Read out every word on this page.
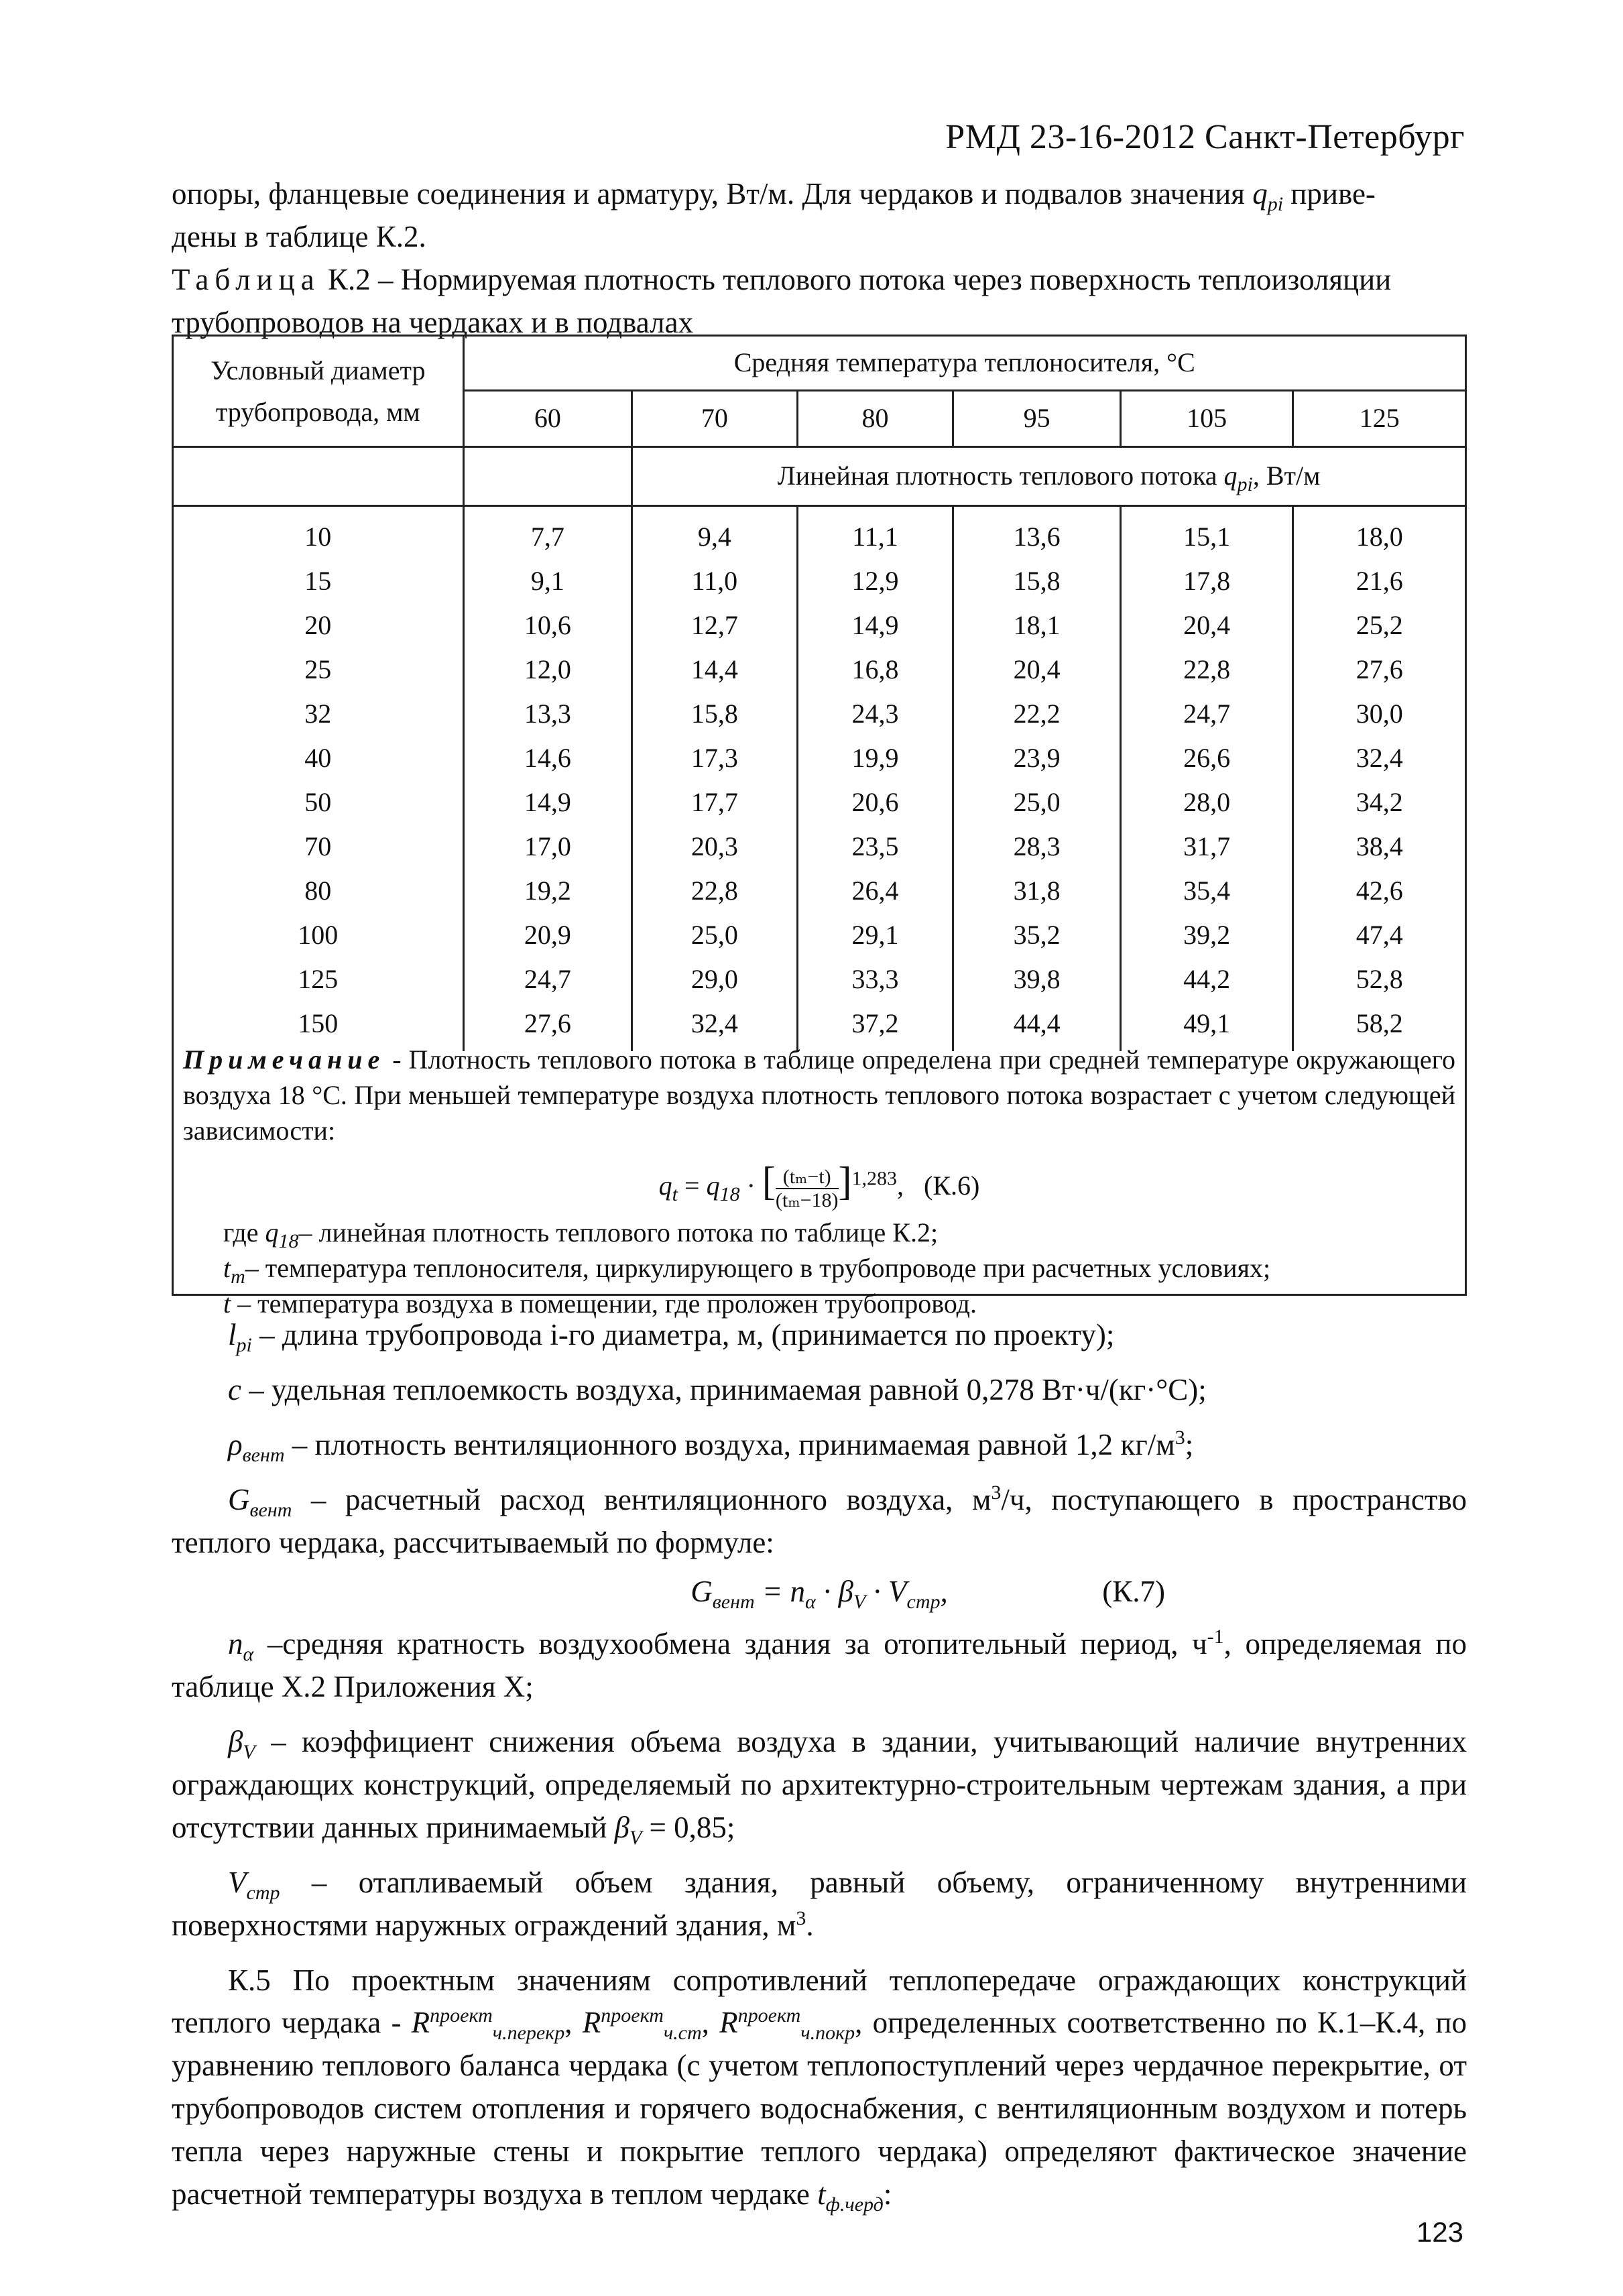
РМД 23-16-2012 Санкт-Петербург

опоры, фланцевые соединения и арматуру, Вт/м. Для чердаков и подвалов значения $q_{pi}$ приве-

дены в таблице К.2.

Таблица К.2 – Нормируемая плотность теплового потока через поверхность теплоизоляции трубопроводов на чердаках и в подвалах
Условный диаметр
трубопровода, мм	Средняя температура теплоносителя, °С					
	60	70	80	95	105	125
		Линейная плотность теплового потока $q_{pi}$, Вт/м				
10	7,7	9,4	11,1	13,6	15,1	18,0
15	9,1	11,0	12,9	15,8	17,8	21,6
20	10,6	12,7	14,9	18,1	20,4	25,2
25	12,0	14,4	16,8	20,4	22,8	27,6
32	13,3	15,8	24,3	22,2	24,7	30,0
40	14,6	17,3	19,9	23,9	26,6	32,4
50	14,9	17,7	20,6	25,0	28,0	34,2
70	17,0	20,3	23,5	28,3	31,7	38,4
80	19,2	22,8	26,4	31,8	35,4	42,6
100	20,9	25,0	29,1	35,2	39,2	47,4
125	24,7	29,0	33,3	39,8	44,2	52,8
150	27,6	32,4	37,2	44,4	49,1	58,2
Примечание - Плотность теплового потока в таблице определена при средней температуре окружающего воздуха 18 °С. При меньшей температуре воздуха плотность теплового потока возрастает с учетом следующей зависимости:
$q_t = q_{18}$ · [ $\frac{\text{(tₘ−t)}}{\text{(tₘ−18)}} ]^{1,283}$,   (К.6)
где $q_{18}-$ линейная плотность теплового потока по таблице К.2;
$t_m-$ температура теплоносителя, циркулирующего в трубопроводе при расчетных условиях;
t – температура воздуха в помещении, где проложен трубопровод.

$l_{pi}$ – длина трубопровода i-го диаметра, м, (принимается по проекту);

c – удельная теплоемкость воздуха, принимаемая равной 0,278 Вт·ч/(кг·°С);

$\rho_{вент}$ – плотность вентиляционного воздуха, принимаемая равной 1,2 $кг/м^3$;

$G_{вент}$ – расчетный расход вентиляционного воздуха, $м^3/ч$, поступающего в пространство теплого чердака, рассчитываемый по формуле:

$G_{вент} = n_\alpha \cdot \beta_V \cdot V_{стр}$,	(К.7)

$n_\alpha$ –средняя кратность воздухообмена здания за отопительный период, $ч^{-1}$, определяемая по таблице Х.2 Приложения Х;

$\beta_V$ – коэффициент снижения объема воздуха в здании, учитывающий наличие внутренних ограждающих конструкций, определяемый по архитектурно-строительным чертежам здания, а при отсутствии данных принимаемый $\beta_V = 0,85$;

$V_{стр}$ – отапливаемый объем здания, равный объему, ограниченному внутренними поверхностями наружных ограждений здания, $м^3$.

К.5 По проектным значениям сопротивлений теплопередаче ограждающих конструкций теплого чердака - $R^{проект}_{ч.перекр}$, $R^{проект}_{ч.ст}$, $R^{проект}_{ч.покр}$, определенных соответственно по К.1–К.4, по уравнению теплового баланса чердака (с учетом теплопоступлений через чердачное перекрытие, от трубопроводов систем отопления и горячего водоснабжения, с вентиляционным воздухом и потерь тепла через наружные стены и покрытие теплого чердака) определяют фактическое значение расчетной температуры воздуха в теплом чердаке $t_{ф.черд}$:

123
